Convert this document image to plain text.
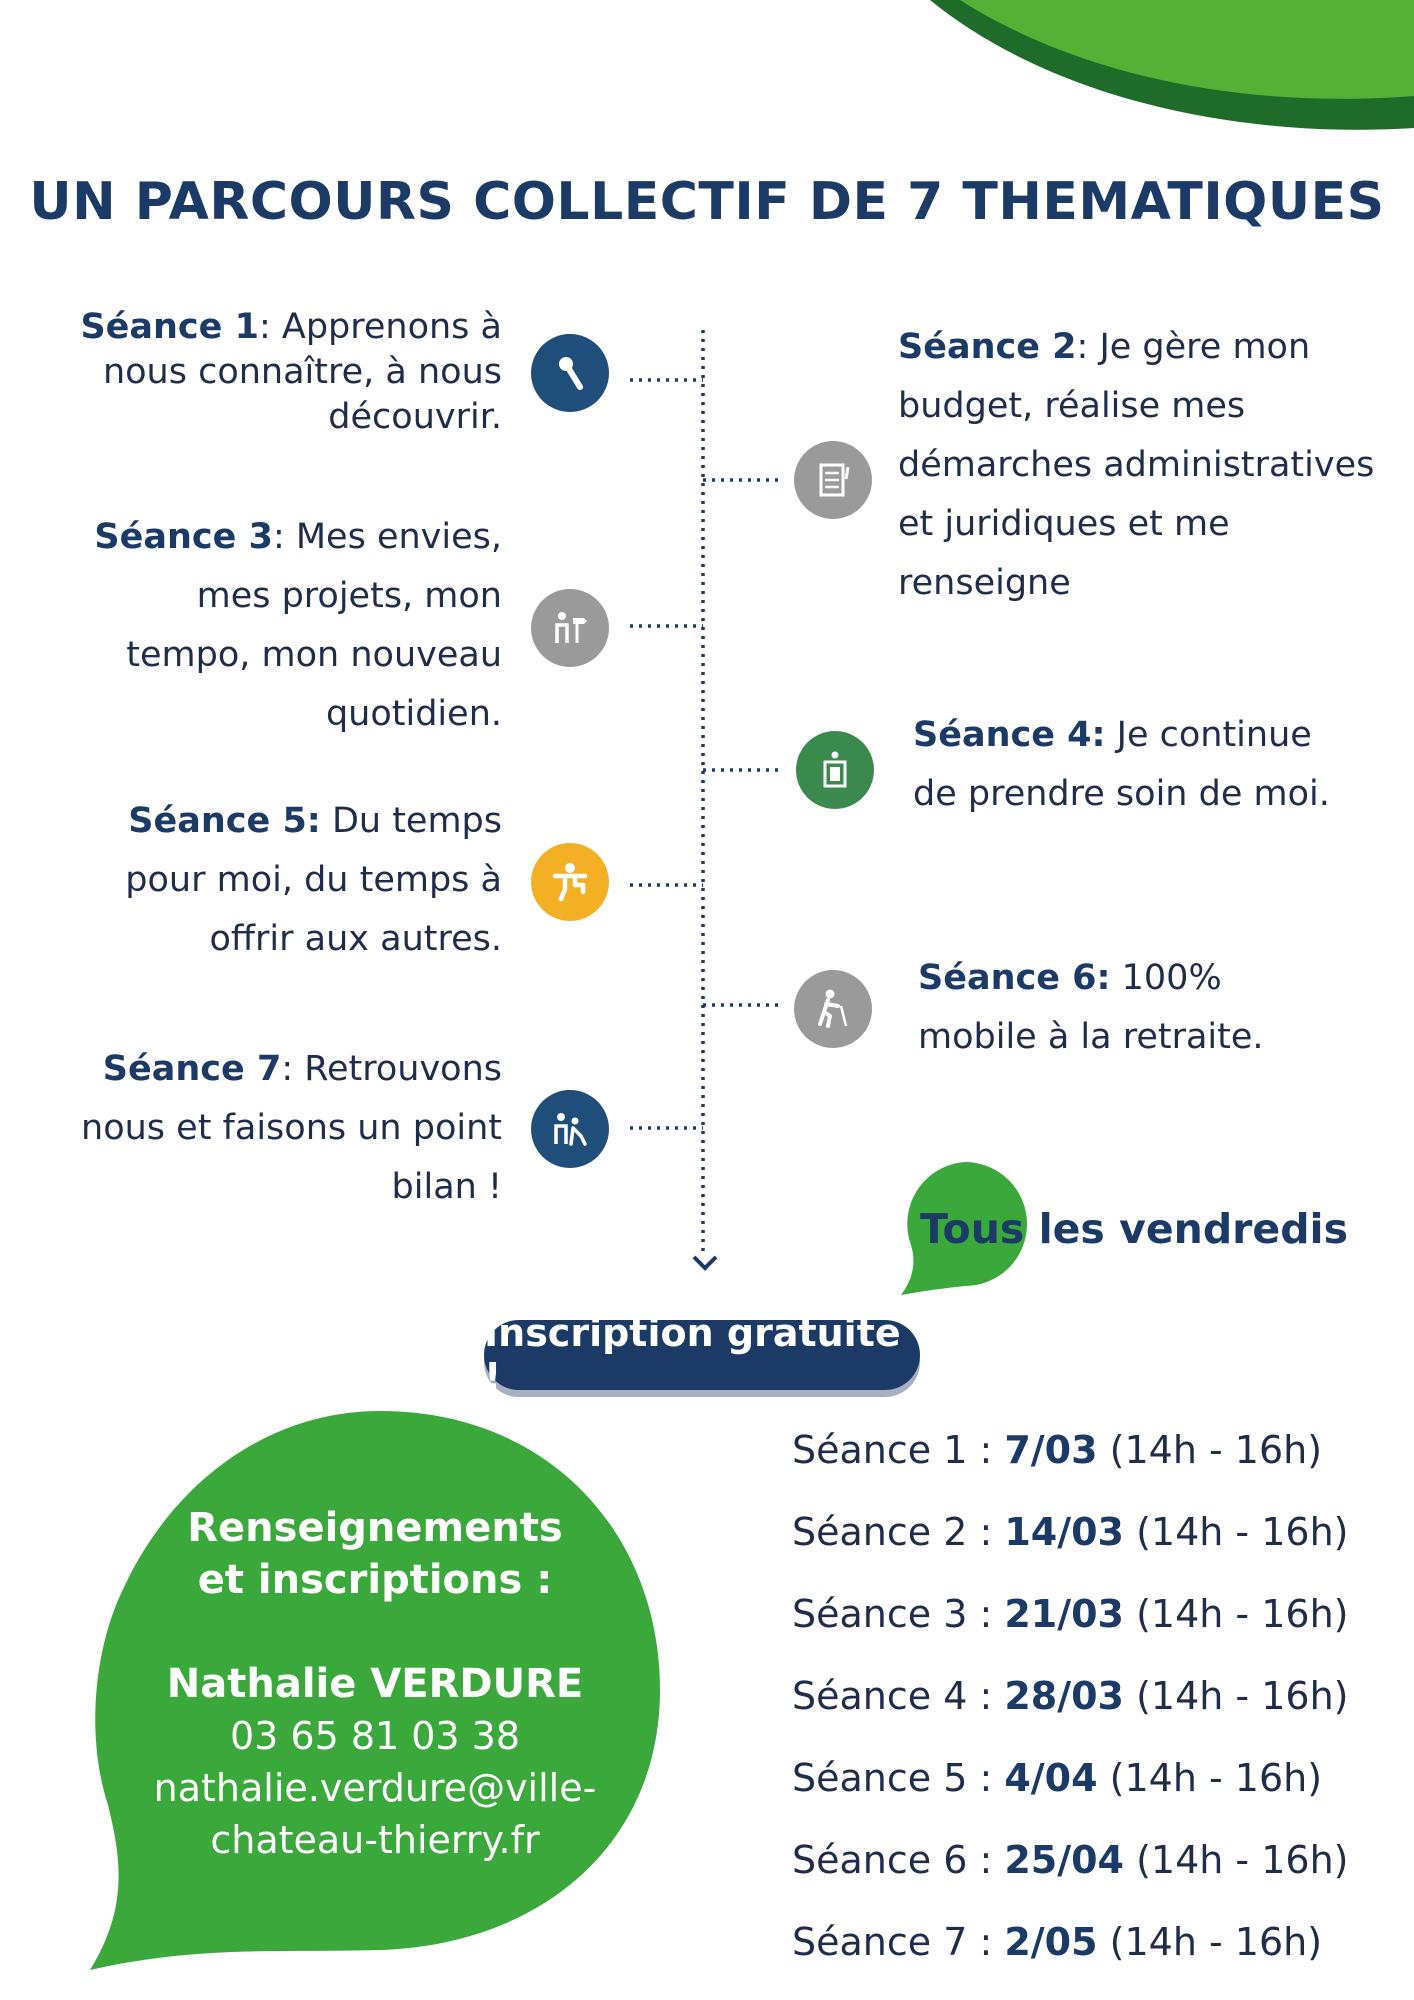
UN PARCOURS COLLECTIF DE 7 THEMATIQUES
Séance 1: Apprenons à nous connaître, à nous découvrir.
Séance 2: Je gère mon budget, réalise mes démarches administratives et juridiques et me renseigne
Séance 3: Mes envies, mes projets, mon tempo, mon nouveau quotidien.
Séance 4: Je continue de prendre soin de moi.
Séance 5: Du temps pour moi, du temps à offrir aux autres.
Séance 6: 100% mobile à la retraite.
Séance 7: Retrouvons nous et faisons un point bilan !
Tous les vendredis
Inscription gratuite !
Renseignements
et inscriptions :
Nathalie VERDURE
03 65 81 03 38
nathalie.verdure@ville-
chateau-thierry.fr
Séance 1 : 7/03 (14h - 16h)
Séance 2 : 14/03 (14h - 16h)
Séance 3 : 21/03 (14h - 16h)
Séance 4 : 28/03 (14h - 16h)
Séance 5 : 4/04 (14h - 16h)
Séance 6 : 25/04 (14h - 16h)
Séance 7 : 2/05 (14h - 16h)
